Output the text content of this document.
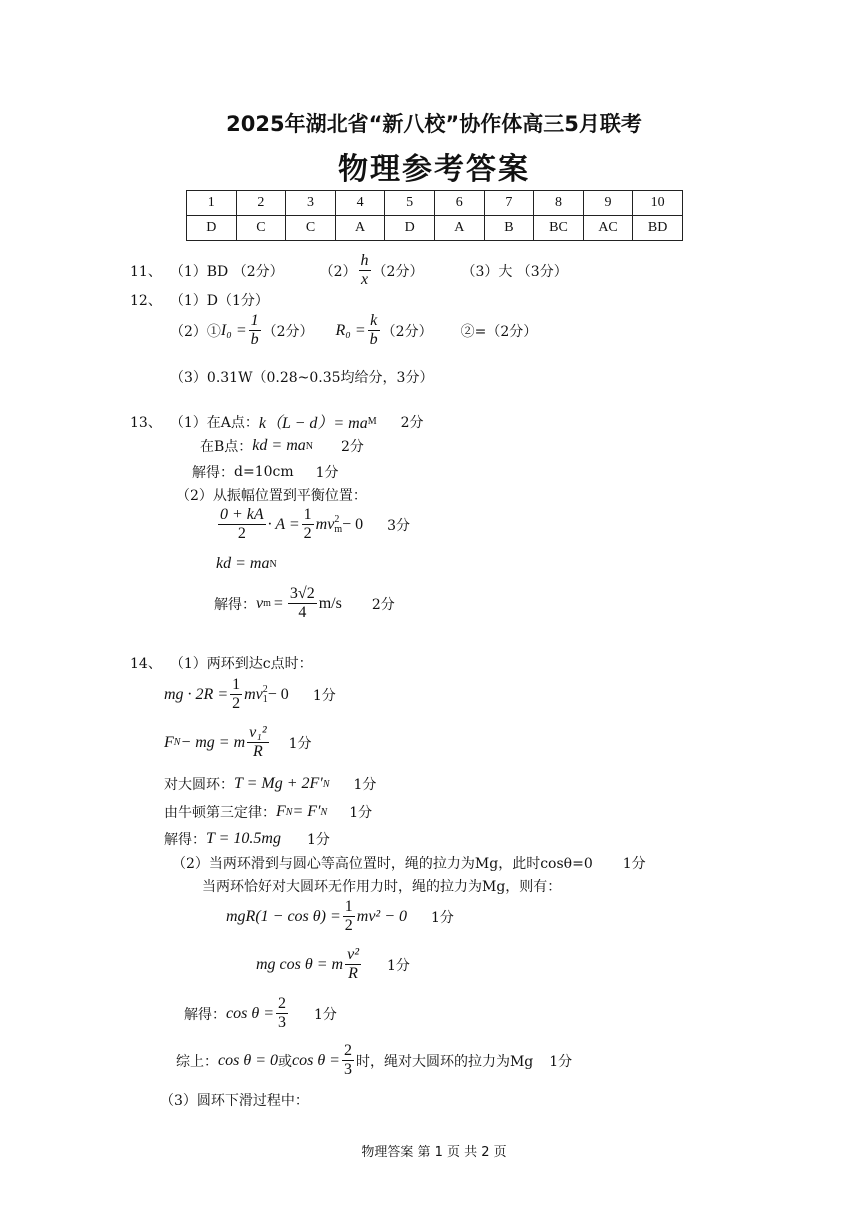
2025年湖北省“新八校”协作体高三5月联考
物理参考答案
1	2	3	4	5	6	7	8	9	10
D	C	C	A	D	A	B	BC	AC	BD
11、 （1）BD （2分）	$(2) \frac{h}{x} (2$分）	（3）大 （3分）
12、 （1）D（1分）
（2）① $I_0 = \frac{1}{b} (2$分） $R_0 = \frac{k}{b} (2$分） ②=（2分）
（3）0.31W（0.28~0.35均给分，3分）
13、 （1）在A点： k（L − d）= ma M 2分
在B点： kd = ma N 2分
解得： d=10cm 1分
（2）从振幅位置到平衡位置：
$\frac{0 + kA}{2} \cdot A = \frac{1}{2}$ mv 2
m − 0 3分
kd = ma N
解得： v $m = \frac{3√2}{4} m/s$ 2分
14、 （1）两环到达c点时：
mg · $2R = \frac{1}{2}$ mv 2
1 − 0 1分
F N − mg = m $\frac{\text{v₁²}}{R} 1$分
对大圆环： T = Mg + 2F′ N 1分
由牛顿第三定律： F N = F′ N 1分
解得： T = 10.5mg 1分
（2）当两环滑到与圆心等高位置时，绳的拉力为Mg，此时cosθ=0 1分
当两环恰好对大圆环无作用力时，绳的拉力为Mg，则有：
$mgR(1 - \cos \theta) = \frac{1}{2} mv^2 - 0$ 1分
mg cos θ = m $\frac{\text{v²}}{R} 1$分
解得： $\cos \theta = \frac{2}{3} 1$分
综上： cos θ = 0 或 $\cos \theta = \frac{2}{3}$ 时，绳对大圆环的拉力为Mg 1分
（3）圆环下滑过程中：
物理答案 第 1 页 共 2 页
